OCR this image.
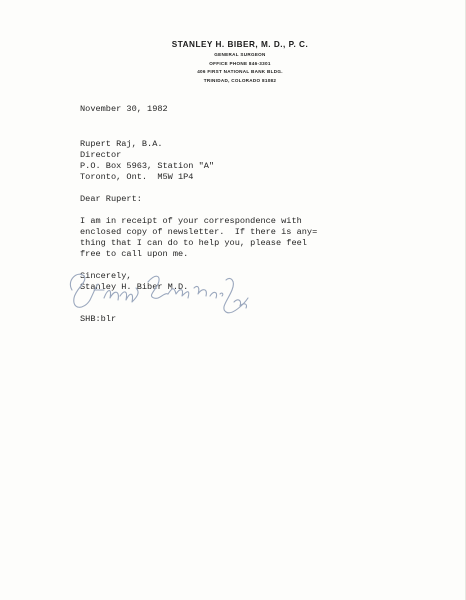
STANLEY H. BIBER, M. D., P. C.
GENERAL SURGEON
OFFICE PHONE 846-3301
406 FIRST NATIONAL BANK BLDG.
TRINIDAD, COLORADO 81082

November 30, 1982

Rupert Raj, B.A.

Director

P.O. Box 5963, Station "A"

Toronto, Ont.  M5W 1P4

Dear Rupert:

I am in receipt of your correspondence with

enclosed copy of newsletter.  If there is any=

thing that I can do to help you, please feel

free to call upon me.

Sincerely,

Stanley H. Biber M.D.

SHB:blr
